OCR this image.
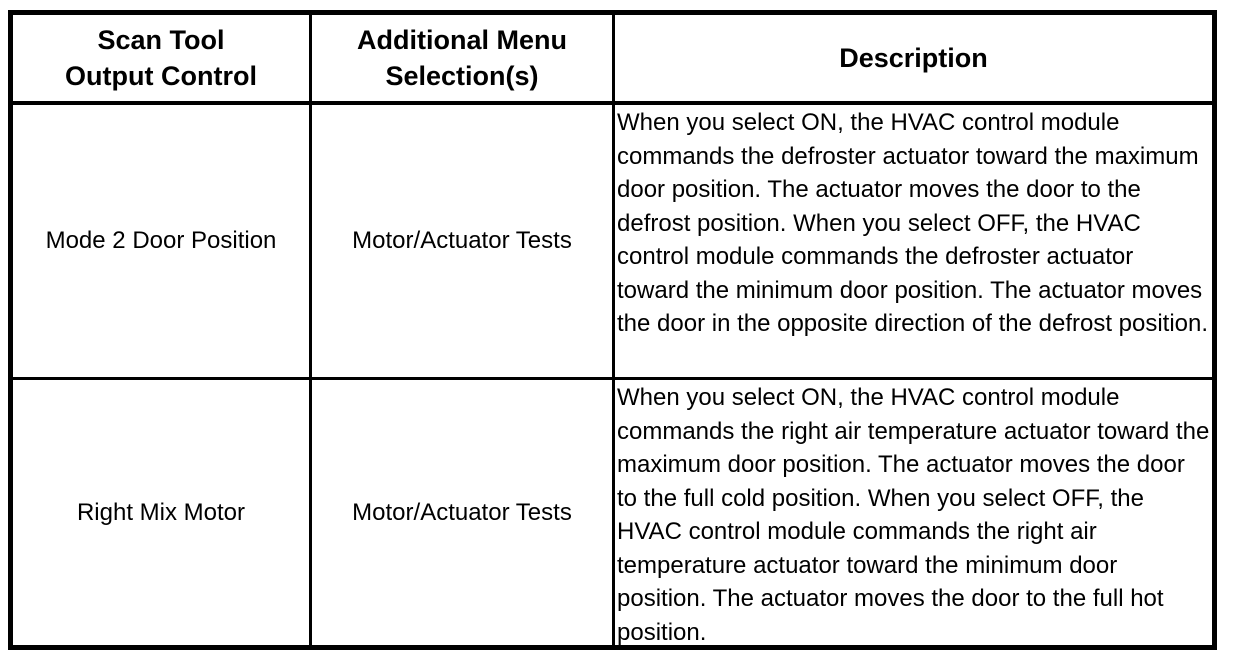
Scan Tool
Output Control
Additional Menu
Selection(s)
Description
Mode 2 Door Position	Motor/Actuator Tests
When you select ON, the HVAC control module commands the defroster actuator toward the maximum door position. The actuator moves the door to the defrost position. When you select OFF, the HVAC control module commands the defroster actuator toward the minimum door position. The actuator moves the door in the opposite direction of the defrost position.
Right Mix Motor	Motor/Actuator Tests
When you select ON, the HVAC control module commands the right air temperature actuator toward the maximum door position. The actuator moves the door to the full cold position. When you select OFF, the HVAC control module commands the right air temperature actuator toward the minimum door position. The actuator moves the door to the full hot position.
